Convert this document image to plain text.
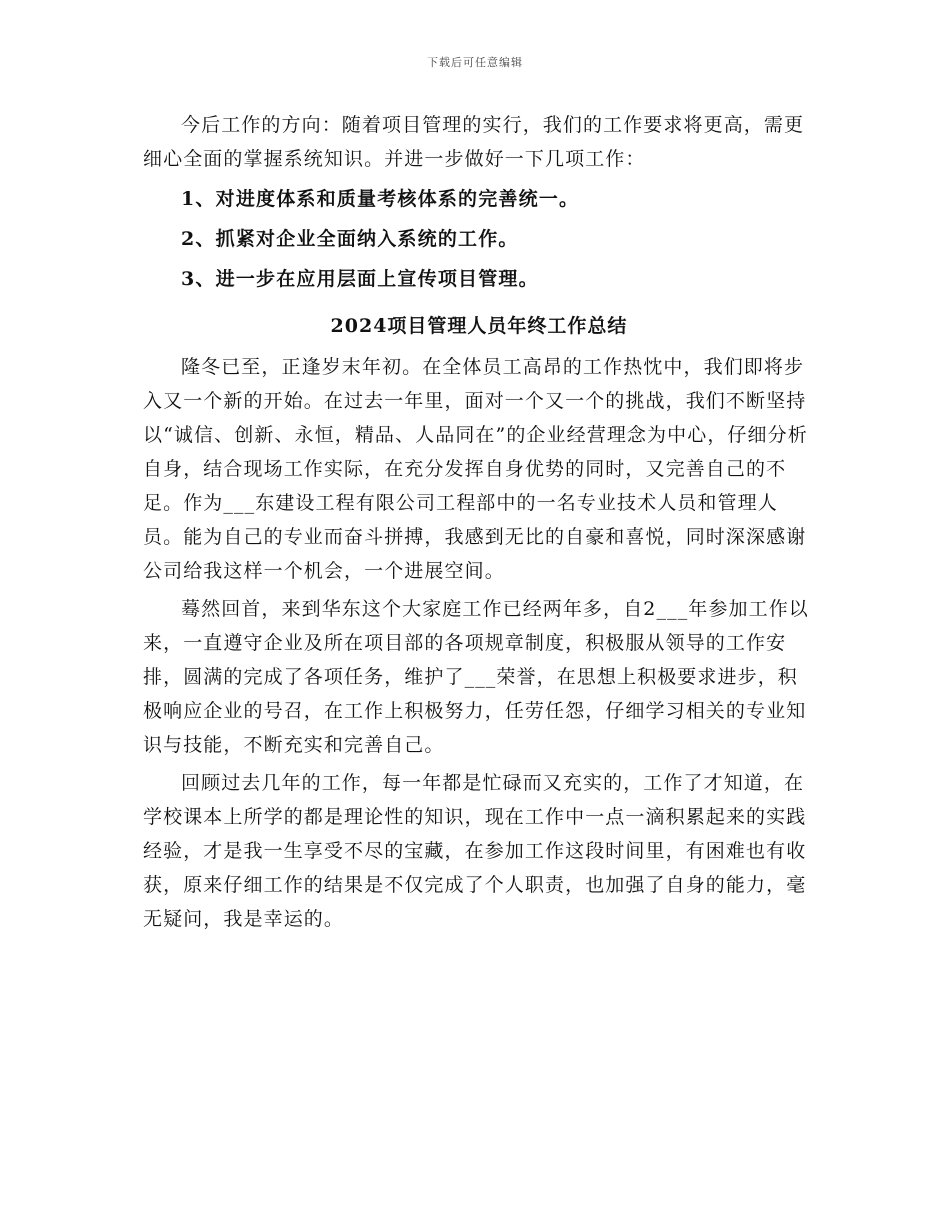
下载后可任意编辑

今后工作的方向：随着项目管理的实行，我们的工作要求将更高，需更细心全面的掌握系统知识。并进一步做好一下几项工作：

1、对进度体系和质量考核体系的完善统一。

2、抓紧对企业全面纳入系统的工作。

3、进一步在应用层面上宣传项目管理。

2024项目管理人员年终工作总结

隆冬已至，正逢岁末年初。在全体员工高昂的工作热忱中，我们即将步入又一个新的开始。在过去一年里，面对一个又一个的挑战，我们不断坚持以“诚信、创新、永恒，精品、人品同在”的企业经营理念为中心，仔细分析自身，结合现场工作实际，在充分发挥自身优势的同时，又完善自己的不足。作为___东建设工程有限公司工程部中的一名专业技术人员和管理人员。能为自己的专业而奋斗拼搏，我感到无比的自豪和喜悦，同时深深感谢公司给我这样一个机会，一个进展空间。

蓦然回首，来到华东这个大家庭工作已经两年多，自2___年参加工作以来，一直遵守企业及所在项目部的各项规章制度，积极服从领导的工作安排，圆满的完成了各项任务，维护了___荣誉，在思想上积极要求进步，积极响应企业的号召，在工作上积极努力，任劳任怨，仔细学习相关的专业知识与技能，不断充实和完善自己。

回顾过去几年的工作，每一年都是忙碌而又充实的，工作了才知道，在学校课本上所学的都是理论性的知识，现在工作中一点一滴积累起来的实践经验，才是我一生享受不尽的宝藏，在参加工作这段时间里，有困难也有收获，原来仔细工作的结果是不仅完成了个人职责，也加强了自身的能力，毫无疑问，我是幸运的。
